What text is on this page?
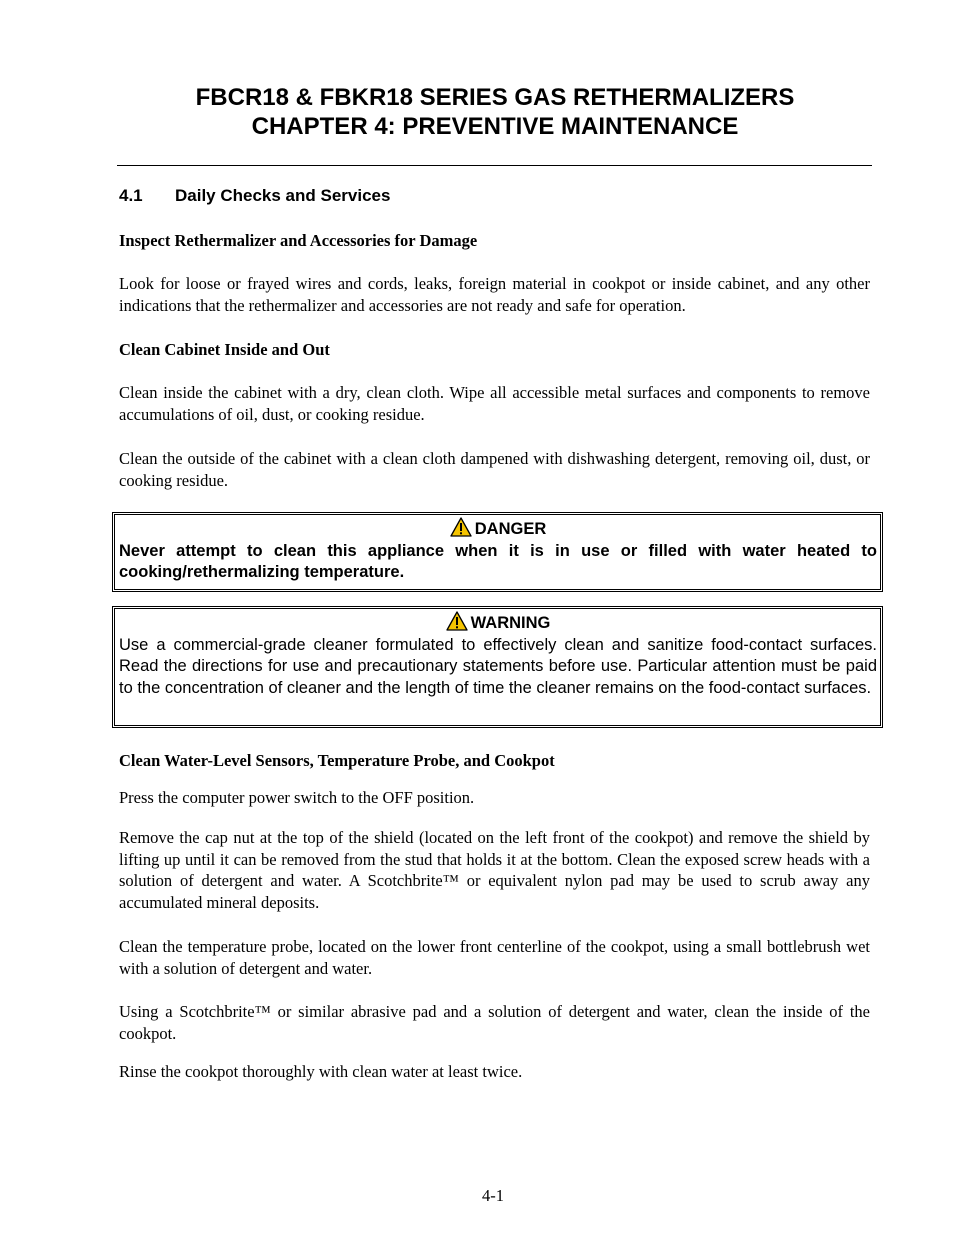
FBCR18 & FBKR18 SERIES GAS RETHERMALIZERS
CHAPTER 4: PREVENTIVE MAINTENANCE
4.1 Daily Checks and Services
Inspect Rethermalizer and Accessories for Damage
Look for loose or frayed wires and cords, leaks, foreign material in cookpot or inside cabinet, and any other indications that the rethermalizer and accessories are not ready and safe for operation.
Clean Cabinet Inside and Out
Clean inside the cabinet with a dry, clean cloth. Wipe all accessible metal surfaces and components to remove accumulations of oil, dust, or cooking residue.
Clean the outside of the cabinet with a clean cloth dampened with dishwashing detergent, removing oil, dust, or cooking residue.
DANGER
Never attempt to clean this appliance when it is in use or filled with water heated to cooking/rethermalizing temperature.
WARNING
Use a commercial-grade cleaner formulated to effectively clean and sanitize food-contact surfaces. Read the directions for use and precautionary statements before use. Particular attention must be paid to the concentration of cleaner and the length of time the cleaner remains on the food-contact surfaces.
Clean Water-Level Sensors, Temperature Probe, and Cookpot
Press the computer power switch to the OFF position.
Remove the cap nut at the top of the shield (located on the left front of the cookpot) and remove the shield by lifting up until it can be removed from the stud that holds it at the bottom. Clean the exposed screw heads with a solution of detergent and water. A Scotchbrite™ or equivalent nylon pad may be used to scrub away any accumulated mineral deposits.
Clean the temperature probe, located on the lower front centerline of the cookpot, using a small bottlebrush wet with a solution of detergent and water.
Using a Scotchbrite™ or similar abrasive pad and a solution of detergent and water, clean the inside of the cookpot.
Rinse the cookpot thoroughly with clean water at least twice.
4-1
